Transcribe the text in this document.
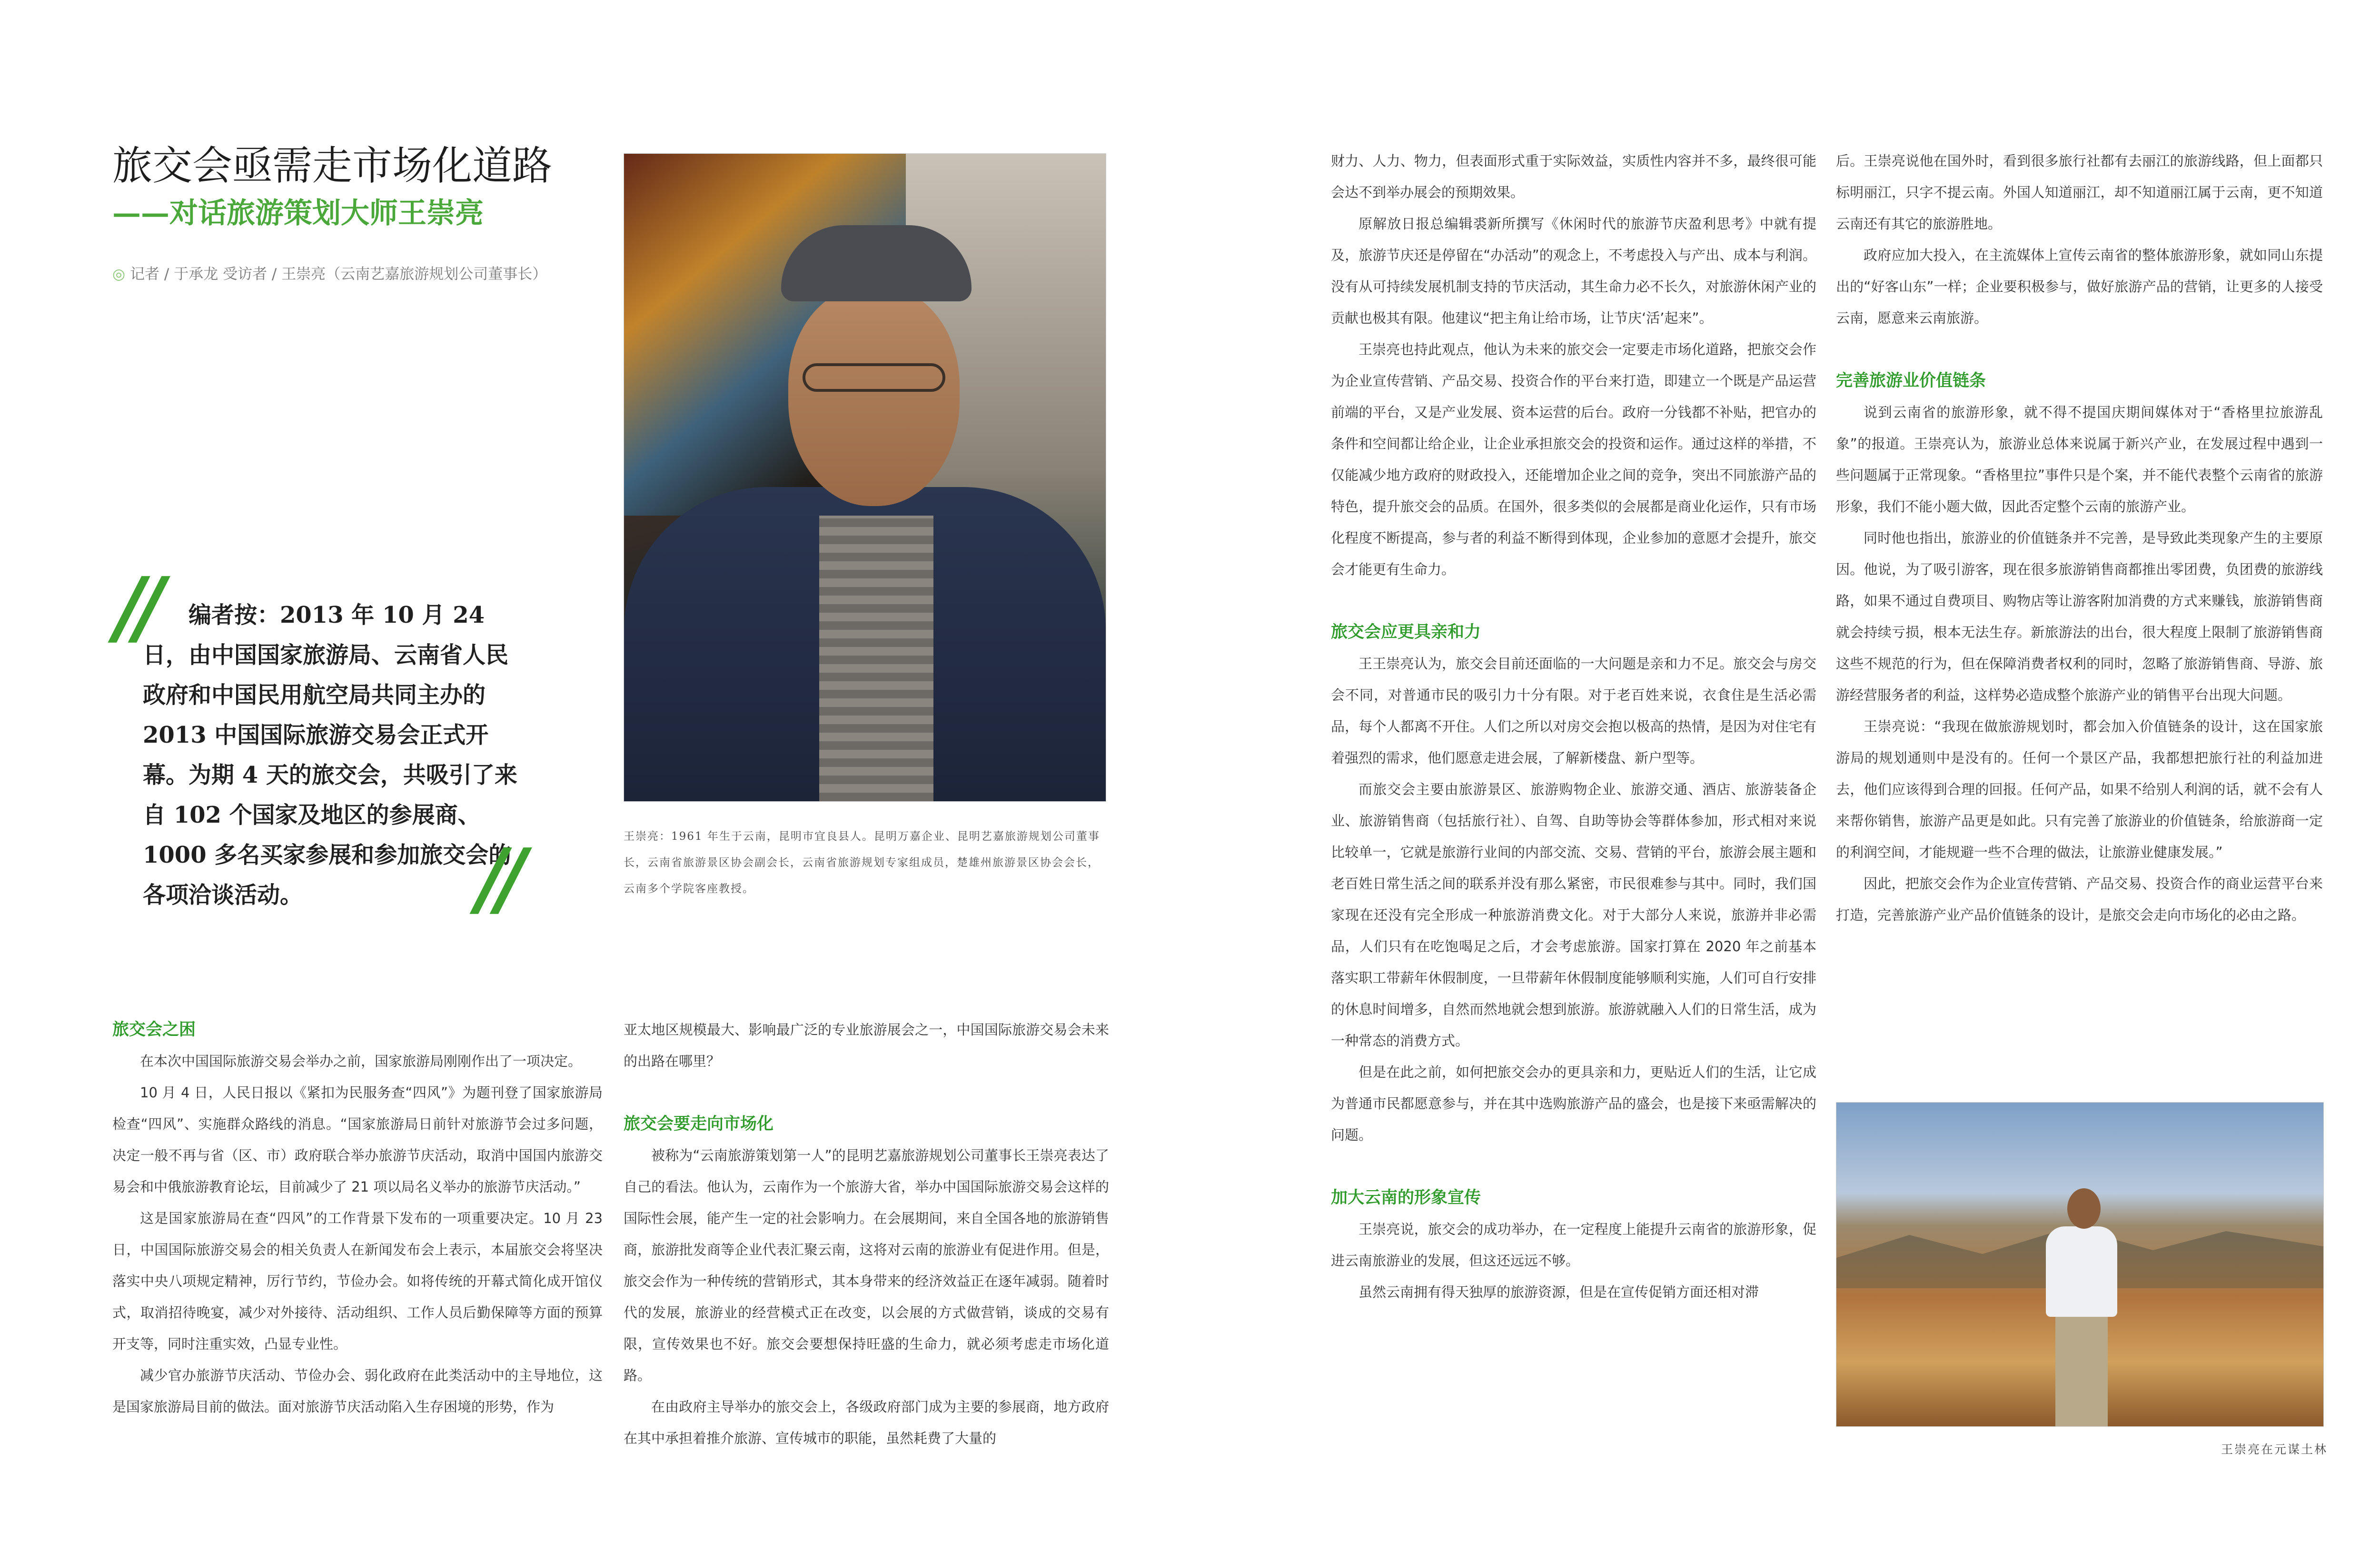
旅交会亟需走市场化道路
——对话旅游策划大师王崇亮
◎ 记者 / 于承龙 受访者 / 王崇亮（云南艺嘉旅游规划公司董事长）

王崇亮：1961 年生于云南，昆明市宜良县人。昆明万嘉企业、昆明艺嘉旅游规划公司董事长，云南省旅游景区协会副会长，云南省旅游规划专家组成员，楚雄州旅游景区协会会长，云南多个学院客座教授。

//	编者按：2013 年 10 月 24 日，由中国国家旅游局、云南省人民政府和中国民用航空局共同主办的 2013 中国国际旅游交易会正式开幕。为期 4 天的旅交会，共吸引了来自 102 个国家及地区的参展商、1000 多名买家参展和参加旅交会的各项洽谈活动。	//
旅交会之困

在本次中国国际旅游交易会举办之前，国家旅游局刚刚作出了一项决定。

10 月 4 日，人民日报以《紧扣为民服务查“四风”》为题刊登了国家旅游局检查“四风”、实施群众路线的消息。“国家旅游局日前针对旅游节会过多问题，决定一般不再与省（区、市）政府联合举办旅游节庆活动，取消中国国内旅游交易会和中俄旅游教育论坛，目前减少了 21 项以局名义举办的旅游节庆活动。”

这是国家旅游局在查“四风”的工作背景下发布的一项重要决定。10 月 23 日，中国国际旅游交易会的相关负责人在新闻发布会上表示，本届旅交会将坚决落实中央八项规定精神，厉行节约，节俭办会。如将传统的开幕式简化成开馆仪式，取消招待晚宴，减少对外接待、活动组织、工作人员后勤保障等方面的预算开支等，同时注重实效，凸显专业性。

减少官办旅游节庆活动、节俭办会、弱化政府在此类活动中的主导地位，这是国家旅游局目前的做法。面对旅游节庆活动陷入生存困境的形势，作为

亚太地区规模最大、影响最广泛的专业旅游展会之一，中国国际旅游交易会未来的出路在哪里？

旅交会要走向市场化

被称为“云南旅游策划第一人”的昆明艺嘉旅游规划公司董事长王崇亮表达了自己的看法。他认为，云南作为一个旅游大省，举办中国国际旅游交易会这样的国际性会展，能产生一定的社会影响力。在会展期间，来自全国各地的旅游销售商，旅游批发商等企业代表汇聚云南，这将对云南的旅游业有促进作用。但是，旅交会作为一种传统的营销形式，其本身带来的经济效益正在逐年减弱。随着时代的发展，旅游业的经营模式正在改变，以会展的方式做营销，谈成的交易有限，宣传效果也不好。旅交会要想保持旺盛的生命力，就必须考虑走市场化道路。

在由政府主导举办的旅交会上，各级政府部门成为主要的参展商，地方政府在其中承担着推介旅游、宣传城市的职能，虽然耗费了大量的

财力、人力、物力，但表面形式重于实际效益，实质性内容并不多，最终很可能会达不到举办展会的预期效果。

原解放日报总编辑裘新所撰写《休闲时代的旅游节庆盈利思考》中就有提及，旅游节庆还是停留在“办活动”的观念上，不考虑投入与产出、成本与利润。没有从可持续发展机制支持的节庆活动，其生命力必不长久，对旅游休闲产业的贡献也极其有限。他建议“把主角让给市场，让节庆‘活’起来”。

王崇亮也持此观点，他认为未来的旅交会一定要走市场化道路，把旅交会作为企业宣传营销、产品交易、投资合作的平台来打造，即建立一个既是产品运营前端的平台，又是产业发展、资本运营的后台。政府一分钱都不补贴，把官办的条件和空间都让给企业，让企业承担旅交会的投资和运作。通过这样的举措，不仅能减少地方政府的财政投入，还能增加企业之间的竞争，突出不同旅游产品的特色，提升旅交会的品质。在国外，很多类似的会展都是商业化运作，只有市场化程度不断提高，参与者的利益不断得到体现，企业参加的意愿才会提升，旅交会才能更有生命力。

旅交会应更具亲和力

王王崇亮认为，旅交会目前还面临的一大问题是亲和力不足。旅交会与房交会不同，对普通市民的吸引力十分有限。对于老百姓来说，衣食住是生活必需品，每个人都离不开住。人们之所以对房交会抱以极高的热情，是因为对住宅有着强烈的需求，他们愿意走进会展，了解新楼盘、新户型等。

而旅交会主要由旅游景区、旅游购物企业、旅游交通、酒店、旅游装备企业、旅游销售商（包括旅行社）、自驾、自助等协会等群体参加，形式相对来说比较单一，它就是旅游行业间的内部交流、交易、营销的平台，旅游会展主题和老百姓日常生活之间的联系并没有那么紧密，市民很难参与其中。同时，我们国家现在还没有完全形成一种旅游消费文化。对于大部分人来说，旅游并非必需品，人们只有在吃饱喝足之后，才会考虑旅游。国家打算在 2020 年之前基本落实职工带薪年休假制度，一旦带薪年休假制度能够顺利实施，人们可自行安排的休息时间增多，自然而然地就会想到旅游。旅游就融入人们的日常生活，成为一种常态的消费方式。

但是在此之前，如何把旅交会办的更具亲和力，更贴近人们的生活，让它成为普通市民都愿意参与，并在其中选购旅游产品的盛会，也是接下来亟需解决的问题。

加大云南的形象宣传

王崇亮说，旅交会的成功举办，在一定程度上能提升云南省的旅游形象，促进云南旅游业的发展，但这还远远不够。

虽然云南拥有得天独厚的旅游资源，但是在宣传促销方面还相对滞

后。王崇亮说他在国外时，看到很多旅行社都有去丽江的旅游线路，但上面都只标明丽江，只字不提云南。外国人知道丽江，却不知道丽江属于云南，更不知道云南还有其它的旅游胜地。

政府应加大投入，在主流媒体上宣传云南省的整体旅游形象，就如同山东提出的“好客山东”一样；企业要积极参与，做好旅游产品的营销，让更多的人接受云南，愿意来云南旅游。

完善旅游业价值链条

说到云南省的旅游形象，就不得不提国庆期间媒体对于“香格里拉旅游乱象”的报道。王崇亮认为，旅游业总体来说属于新兴产业，在发展过程中遇到一些问题属于正常现象。“香格里拉”事件只是个案，并不能代表整个云南省的旅游形象，我们不能小题大做，因此否定整个云南的旅游产业。

同时他也指出，旅游业的价值链条并不完善，是导致此类现象产生的主要原因。他说，为了吸引游客，现在很多旅游销售商都推出零团费，负团费的旅游线路，如果不通过自费项目、购物店等让游客附加消费的方式来赚钱，旅游销售商就会持续亏损，根本无法生存。新旅游法的出台，很大程度上限制了旅游销售商这些不规范的行为，但在保障消费者权利的同时，忽略了旅游销售商、导游、旅游经营服务者的利益，这样势必造成整个旅游产业的销售平台出现大问题。

王崇亮说：“我现在做旅游规划时，都会加入价值链条的设计，这在国家旅游局的规划通则中是没有的。任何一个景区产品，我都想把旅行社的利益加进去，他们应该得到合理的回报。任何产品，如果不给别人利润的话，就不会有人来帮你销售，旅游产品更是如此。只有完善了旅游业的价值链条，给旅游商一定的利润空间，才能规避一些不合理的做法，让旅游业健康发展。”

因此，把旅交会作为企业宣传营销、产品交易、投资合作的商业运营平台来打造，完善旅游产业产品价值链条的设计，是旅交会走向市场化的必由之路。

王崇亮在元谋土林
